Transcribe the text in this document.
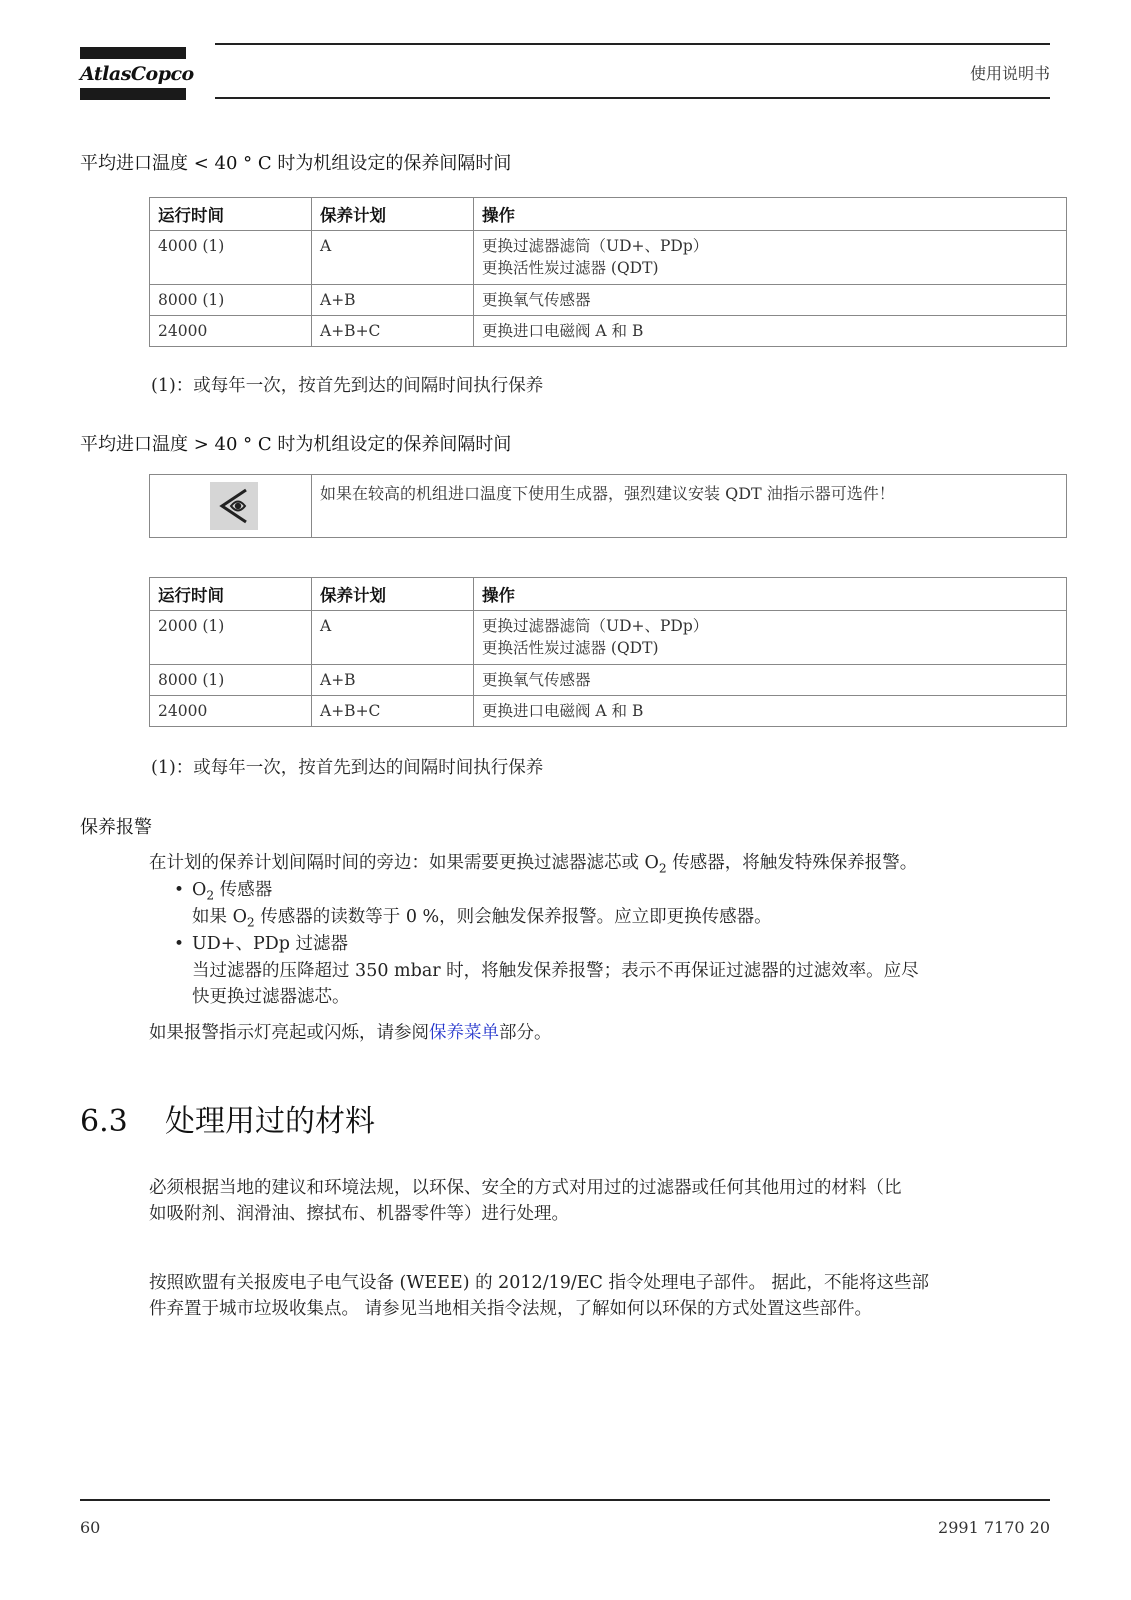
AtlasCopco	使用说明书
平均进口温度 < 40 ° C 时为机组设定的保养间隔时间
运行时间	保养计划	操作
4000 (1)	A	更换过滤器滤筒（UD+、PDp）
更换活性炭过滤器 (QDT)

8000 (1)	A+B	更换氧气传感器
24000	A+B+C	更换进口电磁阀 A 和 B
(1)：或每年一次，按首先到达的间隔时间执行保养
平均进口温度 > 40 ° C 时为机组设定的保养间隔时间
如果在较高的机组进口温度下使用生成器，强烈建议安装 QDT 油指示器可选件！
运行时间	保养计划	操作
2000 (1)	A	更换过滤器滤筒（UD+、PDp）
更换活性炭过滤器 (QDT)

8000 (1)	A+B	更换氧气传感器
24000	A+B+C	更换进口电磁阀 A 和 B
(1)：或每年一次，按首先到达的间隔时间执行保养
保养报警
在计划的保养计划间隔时间的旁边：如果需要更换过滤器滤芯或 $O_2$ 传感器，将触发特殊保养报警。
• $O_2$ 传感器
如果 $O_2$ 传感器的读数等于 0 %，则会触发保养报警。应立即更换传感器。
• UD+、PDp 过滤器
当过滤器的压降超过 350 mbar 时，将触发保养报警；表示不再保证过滤器的过滤效率。应尽
快更换过滤器滤芯。
如果报警指示灯亮起或闪烁，请参阅保养菜单部分。
6.3 处理用过的材料
必须根据当地的建议和环境法规，以环保、安全的方式对用过的过滤器或任何其他用过的材料（比
如吸附剂、润滑油、擦拭布、机器零件等）进行处理。
按照欧盟有关报废电子电气设备 (WEEE) 的 2012/19/EC 指令处理电子部件。 据此，不能将这些部
件弃置于城市垃圾收集点。 请参见当地相关指令法规，了解如何以环保的方式处置这些部件。
60	2991 7170 20
